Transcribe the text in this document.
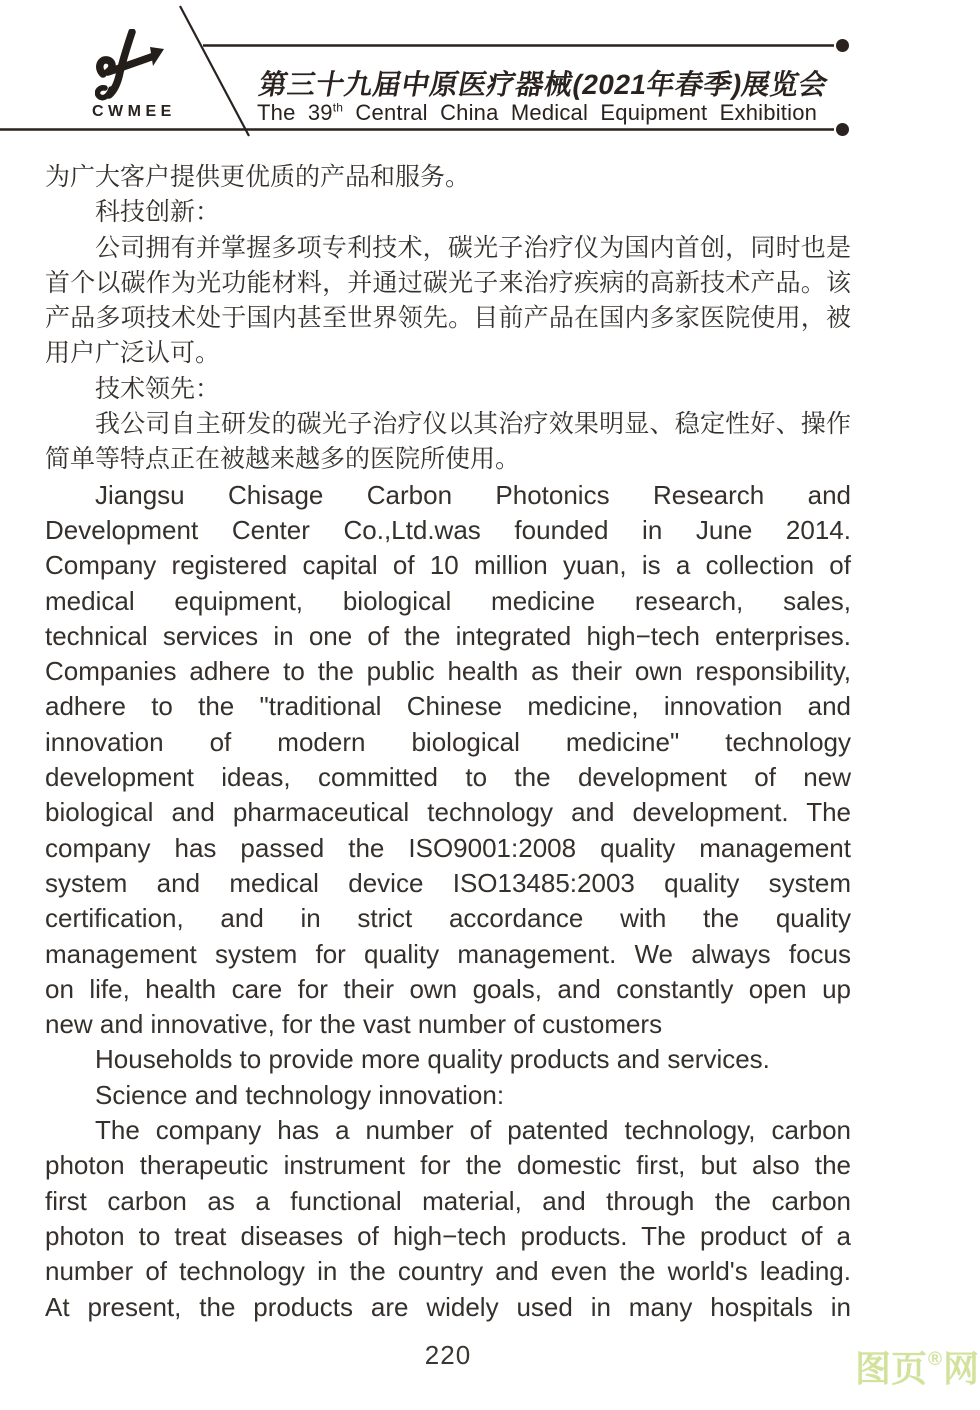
CWMEE
第三十九届中原医疗器械(2021年春季)展览会
The 39th Central China Medical Equipment Exhibition
为广大客户提供更优质的产品和服务。
科技创新：
公司拥有并掌握多项专利技术，碳光子治疗仪为国内首创，同时也是
首个以碳作为光功能材料，并通过碳光子来治疗疾病的高新技术产品。该
产品多项技术处于国内甚至世界领先。目前产品在国内多家医院使用，被
用户广泛认可。
技术领先：
我公司自主研发的碳光子治疗仪以其治疗效果明显、稳定性好、操作
简单等特点正在被越来越多的医院所使用。
Jiangsu Chisage Carbon Photonics Research and
Development Center Co.,Ltd.was founded in June 2014.
Company registered capital of 10 million yuan, is a collection of
medical equipment, biological medicine research, sales,
technical services in one of the integrated high−tech enterprises.
Companies adhere to the public health as their own responsibility,
adhere to the "traditional Chinese medicine, innovation and
innovation of modern biological medicine" technology
development ideas, committed to the development of new
biological and pharmaceutical technology and development. The
company has passed the ISO9001:2008 quality management
system and medical device ISO13485:2003 quality system
certification, and in strict accordance with the quality
management system for quality management. We always focus
on life, health care for their own goals, and constantly open up
new and innovative, for the vast number of customers
Households to provide more quality products and services.
Science and technology innovation:
The company has a number of patented technology, carbon
photon therapeutic instrument for the domestic first, but also the
first carbon as a functional material, and through the carbon
photon to treat diseases of high−tech products. The product of a
number of technology in the country and even the world's leading.
At present, the products are widely used in many hospitals in
220	图页®网
